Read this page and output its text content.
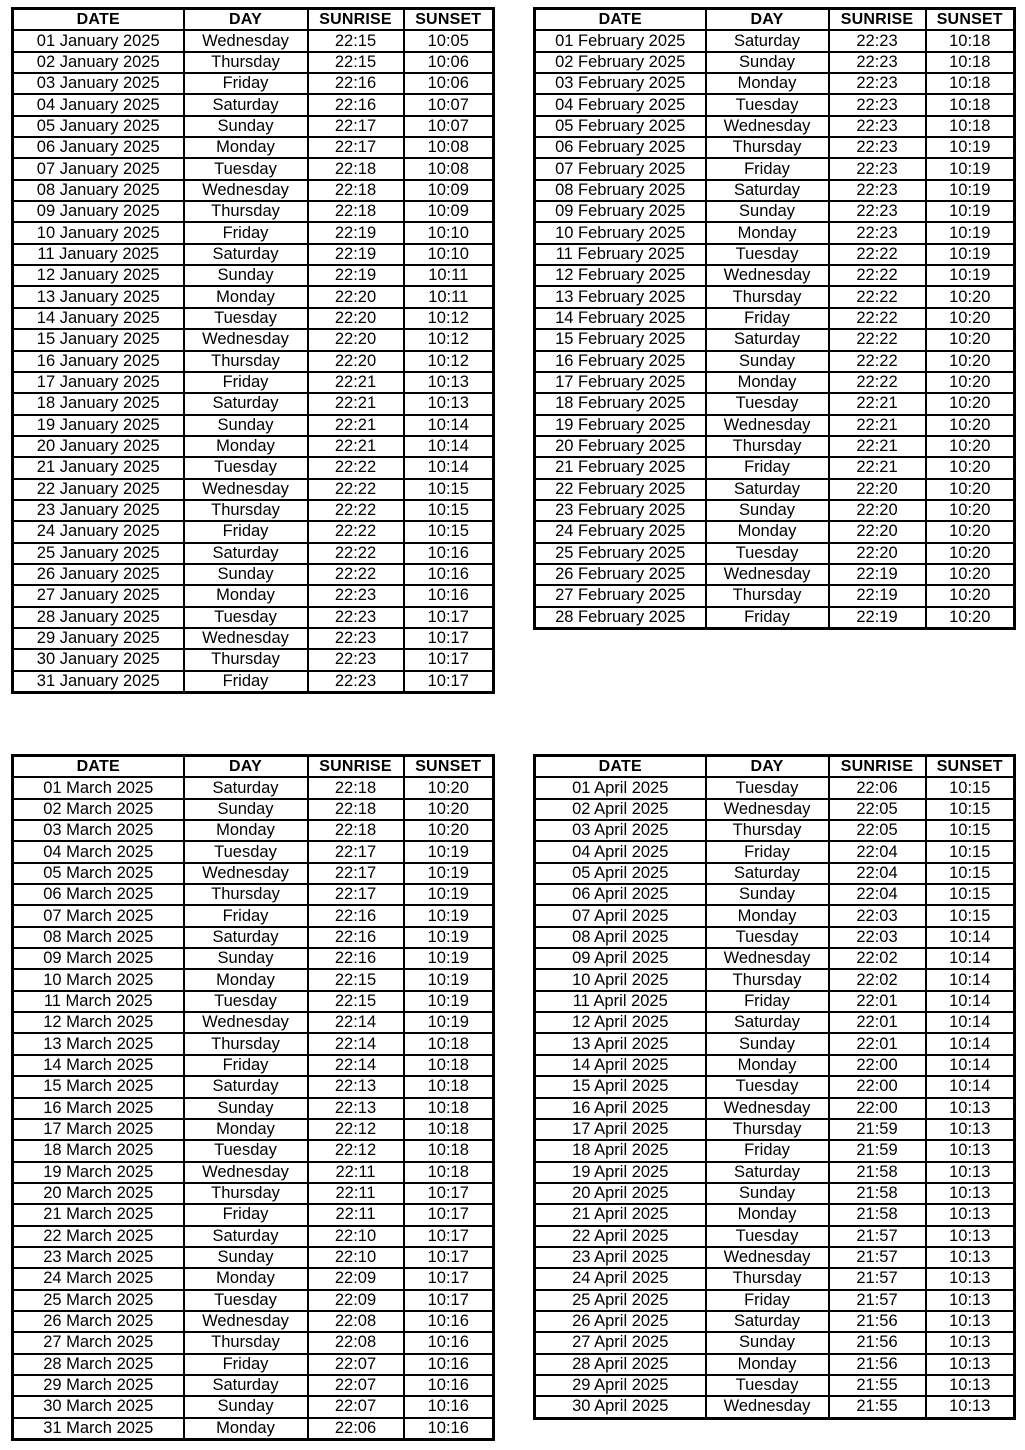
DATE	DAY	SUNRISE	SUNSET
01 January 2025	Wednesday	22:15	10:05
02 January 2025	Thursday	22:15	10:06
03 January 2025	Friday	22:16	10:06
04 January 2025	Saturday	22:16	10:07
05 January 2025	Sunday	22:17	10:07
06 January 2025	Monday	22:17	10:08
07 January 2025	Tuesday	22:18	10:08
08 January 2025	Wednesday	22:18	10:09
09 January 2025	Thursday	22:18	10:09
10 January 2025	Friday	22:19	10:10
11 January 2025	Saturday	22:19	10:10
12 January 2025	Sunday	22:19	10:11
13 January 2025	Monday	22:20	10:11
14 January 2025	Tuesday	22:20	10:12
15 January 2025	Wednesday	22:20	10:12
16 January 2025	Thursday	22:20	10:12
17 January 2025	Friday	22:21	10:13
18 January 2025	Saturday	22:21	10:13
19 January 2025	Sunday	22:21	10:14
20 January 2025	Monday	22:21	10:14
21 January 2025	Tuesday	22:22	10:14
22 January 2025	Wednesday	22:22	10:15
23 January 2025	Thursday	22:22	10:15
24 January 2025	Friday	22:22	10:15
25 January 2025	Saturday	22:22	10:16
26 January 2025	Sunday	22:22	10:16
27 January 2025	Monday	22:23	10:16
28 January 2025	Tuesday	22:23	10:17
29 January 2025	Wednesday	22:23	10:17
30 January 2025	Thursday	22:23	10:17
31 January 2025	Friday	22:23	10:17
DATE	DAY	SUNRISE	SUNSET
01 February 2025	Saturday	22:23	10:18
02 February 2025	Sunday	22:23	10:18
03 February 2025	Monday	22:23	10:18
04 February 2025	Tuesday	22:23	10:18
05 February 2025	Wednesday	22:23	10:18
06 February 2025	Thursday	22:23	10:19
07 February 2025	Friday	22:23	10:19
08 February 2025	Saturday	22:23	10:19
09 February 2025	Sunday	22:23	10:19
10 February 2025	Monday	22:23	10:19
11 February 2025	Tuesday	22:22	10:19
12 February 2025	Wednesday	22:22	10:19
13 February 2025	Thursday	22:22	10:20
14 February 2025	Friday	22:22	10:20
15 February 2025	Saturday	22:22	10:20
16 February 2025	Sunday	22:22	10:20
17 February 2025	Monday	22:22	10:20
18 February 2025	Tuesday	22:21	10:20
19 February 2025	Wednesday	22:21	10:20
20 February 2025	Thursday	22:21	10:20
21 February 2025	Friday	22:21	10:20
22 February 2025	Saturday	22:20	10:20
23 February 2025	Sunday	22:20	10:20
24 February 2025	Monday	22:20	10:20
25 February 2025	Tuesday	22:20	10:20
26 February 2025	Wednesday	22:19	10:20
27 February 2025	Thursday	22:19	10:20
28 February 2025	Friday	22:19	10:20
DATE	DAY	SUNRISE	SUNSET
01 March 2025	Saturday	22:18	10:20
02 March 2025	Sunday	22:18	10:20
03 March 2025	Monday	22:18	10:20
04 March 2025	Tuesday	22:17	10:19
05 March 2025	Wednesday	22:17	10:19
06 March 2025	Thursday	22:17	10:19
07 March 2025	Friday	22:16	10:19
08 March 2025	Saturday	22:16	10:19
09 March 2025	Sunday	22:16	10:19
10 March 2025	Monday	22:15	10:19
11 March 2025	Tuesday	22:15	10:19
12 March 2025	Wednesday	22:14	10:19
13 March 2025	Thursday	22:14	10:18
14 March 2025	Friday	22:14	10:18
15 March 2025	Saturday	22:13	10:18
16 March 2025	Sunday	22:13	10:18
17 March 2025	Monday	22:12	10:18
18 March 2025	Tuesday	22:12	10:18
19 March 2025	Wednesday	22:11	10:18
20 March 2025	Thursday	22:11	10:17
21 March 2025	Friday	22:11	10:17
22 March 2025	Saturday	22:10	10:17
23 March 2025	Sunday	22:10	10:17
24 March 2025	Monday	22:09	10:17
25 March 2025	Tuesday	22:09	10:17
26 March 2025	Wednesday	22:08	10:16
27 March 2025	Thursday	22:08	10:16
28 March 2025	Friday	22:07	10:16
29 March 2025	Saturday	22:07	10:16
30 March 2025	Sunday	22:07	10:16
31 March 2025	Monday	22:06	10:16
DATE	DAY	SUNRISE	SUNSET
01 April 2025	Tuesday	22:06	10:15
02 April 2025	Wednesday	22:05	10:15
03 April 2025	Thursday	22:05	10:15
04 April 2025	Friday	22:04	10:15
05 April 2025	Saturday	22:04	10:15
06 April 2025	Sunday	22:04	10:15
07 April 2025	Monday	22:03	10:15
08 April 2025	Tuesday	22:03	10:14
09 April 2025	Wednesday	22:02	10:14
10 April 2025	Thursday	22:02	10:14
11 April 2025	Friday	22:01	10:14
12 April 2025	Saturday	22:01	10:14
13 April 2025	Sunday	22:01	10:14
14 April 2025	Monday	22:00	10:14
15 April 2025	Tuesday	22:00	10:14
16 April 2025	Wednesday	22:00	10:13
17 April 2025	Thursday	21:59	10:13
18 April 2025	Friday	21:59	10:13
19 April 2025	Saturday	21:58	10:13
20 April 2025	Sunday	21:58	10:13
21 April 2025	Monday	21:58	10:13
22 April 2025	Tuesday	21:57	10:13
23 April 2025	Wednesday	21:57	10:13
24 April 2025	Thursday	21:57	10:13
25 April 2025	Friday	21:57	10:13
26 April 2025	Saturday	21:56	10:13
27 April 2025	Sunday	21:56	10:13
28 April 2025	Monday	21:56	10:13
29 April 2025	Tuesday	21:55	10:13
30 April 2025	Wednesday	21:55	10:13
